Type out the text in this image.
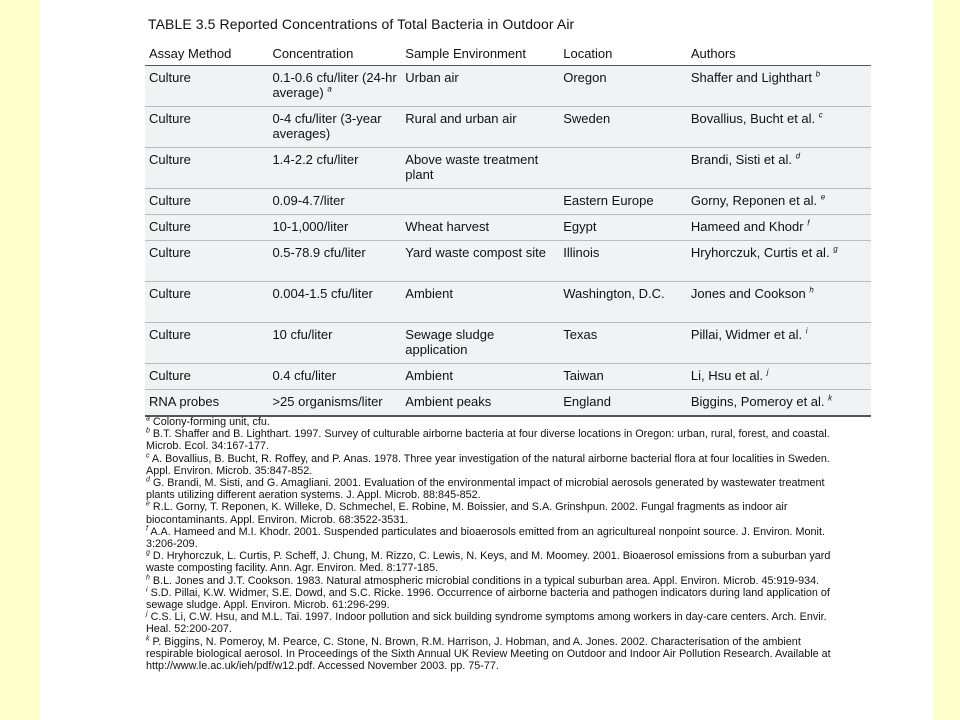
TABLE 3.5 Reported Concentrations of Total Bacteria in Outdoor Air
Assay Method	Concentration	Sample Environment	Location	Authors
Culture	0.1-0.6 cfu/liter (24-hr average) $^a$	Urban air	Oregon	Shaffer and Lighthart $^b$
Culture	0-4 cfu/liter (3-year averages)	Rural and urban air	Sweden	Bovallius, Bucht et al. $^c$
Culture	1.4-2.2 cfu/liter	Above waste treatment plant		Brandi, Sisti et al. $^d$
Culture	0.09-4.7/liter		Eastern Europe	Gorny, Reponen et al. $^e$
Culture	10-1,000/liter	Wheat harvest	Egypt	Hameed and Khodr $^f$
Culture	0.5-78.9 cfu/liter	Yard waste compost site	Illinois	Hryhorczuk, Curtis et al. $^g$
Culture	0.004-1.5 cfu/liter	Ambient	Washington, D.C.	Jones and Cookson $^h$
Culture	10 cfu/liter	Sewage sludge application	Texas	Pillai, Widmer et al. $^i$
Culture	0.4 cfu/liter	Ambient	Taiwan	Li, Hsu et al. $^j$
RNA probes	>25 organisms/liter	Ambient peaks	England	Biggins, Pomeroy et al. $^k$

$^a$ Colony-forming unit, cfu.

$^b$ B.T. Shaffer and B. Lighthart. 1997. Survey of culturable airborne bacteria at four diverse locations in Oregon: urban, rural, forest, and coastal. Microb. Ecol. 34:167-177.

$^c$ A. Bovallius, B. Bucht, R. Roffey, and P. Anas. 1978. Three year investigation of the natural airborne bacterial flora at four localities in Sweden. Appl. Environ. Microb. 35:847-852.

$^d$ G. Brandi, M. Sisti, and G. Amagliani. 2001. Evaluation of the environmental impact of microbial aerosols generated by wastewater treatment plants utilizing different aeration systems. J. Appl. Microb. 88:845-852.

$^e$ R.L. Gorny, T. Reponen, K. Willeke, D. Schmechel, E. Robine, M. Boissier, and S.A. Grinshpun. 2002. Fungal fragments as indoor air biocontaminants. Appl. Environ. Microb. 68:3522-3531.

$^f$ A.A. Hameed and M.I. Khodr. 2001. Suspended particulates and bioaerosols emitted from an agricultureal nonpoint source. J. Environ. Monit. 3:206-209.

$^g$ D. Hryhorczuk, L. Curtis, P. Scheff, J. Chung, M. Rizzo, C. Lewis, N. Keys, and M. Moomey. 2001. Bioaerosol emissions from a suburban yard waste composting facility. Ann. Agr. Environ. Med. 8:177-185.

$^h$ B.L. Jones and J.T. Cookson. 1983. Natural atmospheric microbial conditions in a typical suburban area. Appl. Environ. Microb. 45:919-934.

$^i$ S.D. Pillai, K.W. Widmer, S.E. Dowd, and S.C. Ricke. 1996. Occurrence of airborne bacteria and pathogen indicators during land application of sewage sludge. Appl. Environ. Microb. 61:296-299.

$^j$ C.S. Li, C.W. Hsu, and M.L. Tai. 1997. Indoor pollution and sick building syndrome symptoms among workers in day-care centers. Arch. Envir. Heal. 52:200-207.

$^k$ P. Biggins, N. Pomeroy, M. Pearce, C. Stone, N. Brown, R.M. Harrison, J. Hobman, and A. Jones. 2002. Characterisation of the ambient respirable biological aerosol. In Proceedings of the Sixth Annual UK Review Meeting on Outdoor and Indoor Air Pollution Research. Available at http://www.le.ac.uk/ieh/pdf/w12.pdf. Accessed November 2003. pp. 75-77.
